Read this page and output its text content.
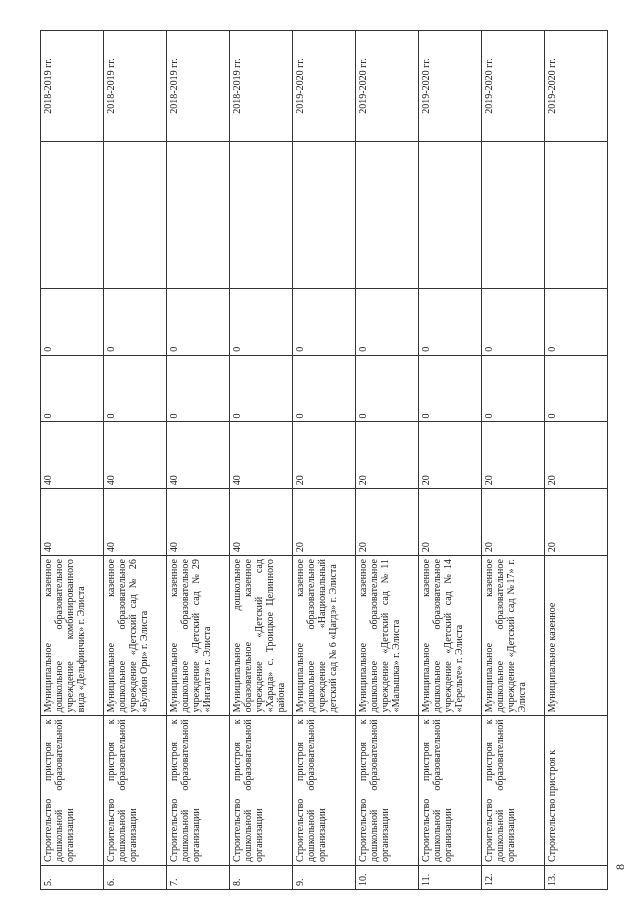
8
5.	Строительство пристроя к дошкольной образовательной организации	Муниципальное казенное дошкольное образовательное учреждение комбинированного вида «Дельфинчик» г. Элиста	40	40	0	0		2018-2019 гг.
6.	Строительство пристроя к дошкольной образовательной организации	Муниципальное казенное дошкольное образовательное учреждение «Детский сад № 26 «Булбин Ори» г. Элиста	40	40	0	0		2018-2019 гг.
7.	Строительство пристроя к дошкольной образовательной организации	Муниципальное казенное дошкольное образовательное учреждение «Детский сад №29 «Ингалтэ» г. Элиста	40	40	0	0		2018-2019 гг.
8.	Строительство пристроя к дошкольной образовательной организации	Муниципальное дошкольное образовательное казенное учреждение «Детский сад «Харада» с. Троицкое Целинного района	40	40	0	0		2018-2019 гг.
9.	Строительство пристроя к дошкольной образовательной организации	Муниципальное казенное дошкольное образовательное учреждение «Национальный детский сад № 6 «Цагдэ» г. Элиста	20	20	0	0		2019-2020 гг.
10.	Строительство пристроя к дошкольной образовательной организации	Муниципальное казенное дошкольное образовательное учреждение «Детский сад №11 «Малышка» г. Элиста	20	20	0	0		2019-2020 гг.
11.	Строительство пристроя к дошкольной образовательной организации	Муниципальное казенное дошкольное образовательное учреждение «Детский сад №14 «Герельте» г. Элиста	20	20	0	0		2019-2020 гг.
12.	Строительство пристроя к дошкольной образовательной организации	Муниципальное казенное дошкольное образовательное учреждение «Детский сад №17» г. Элиста	20	20	0	0		2019-2020 гг.
13.	Строительство пристроя к	Муниципальное казенное	20	20	0	0		2019-2020 гг.
